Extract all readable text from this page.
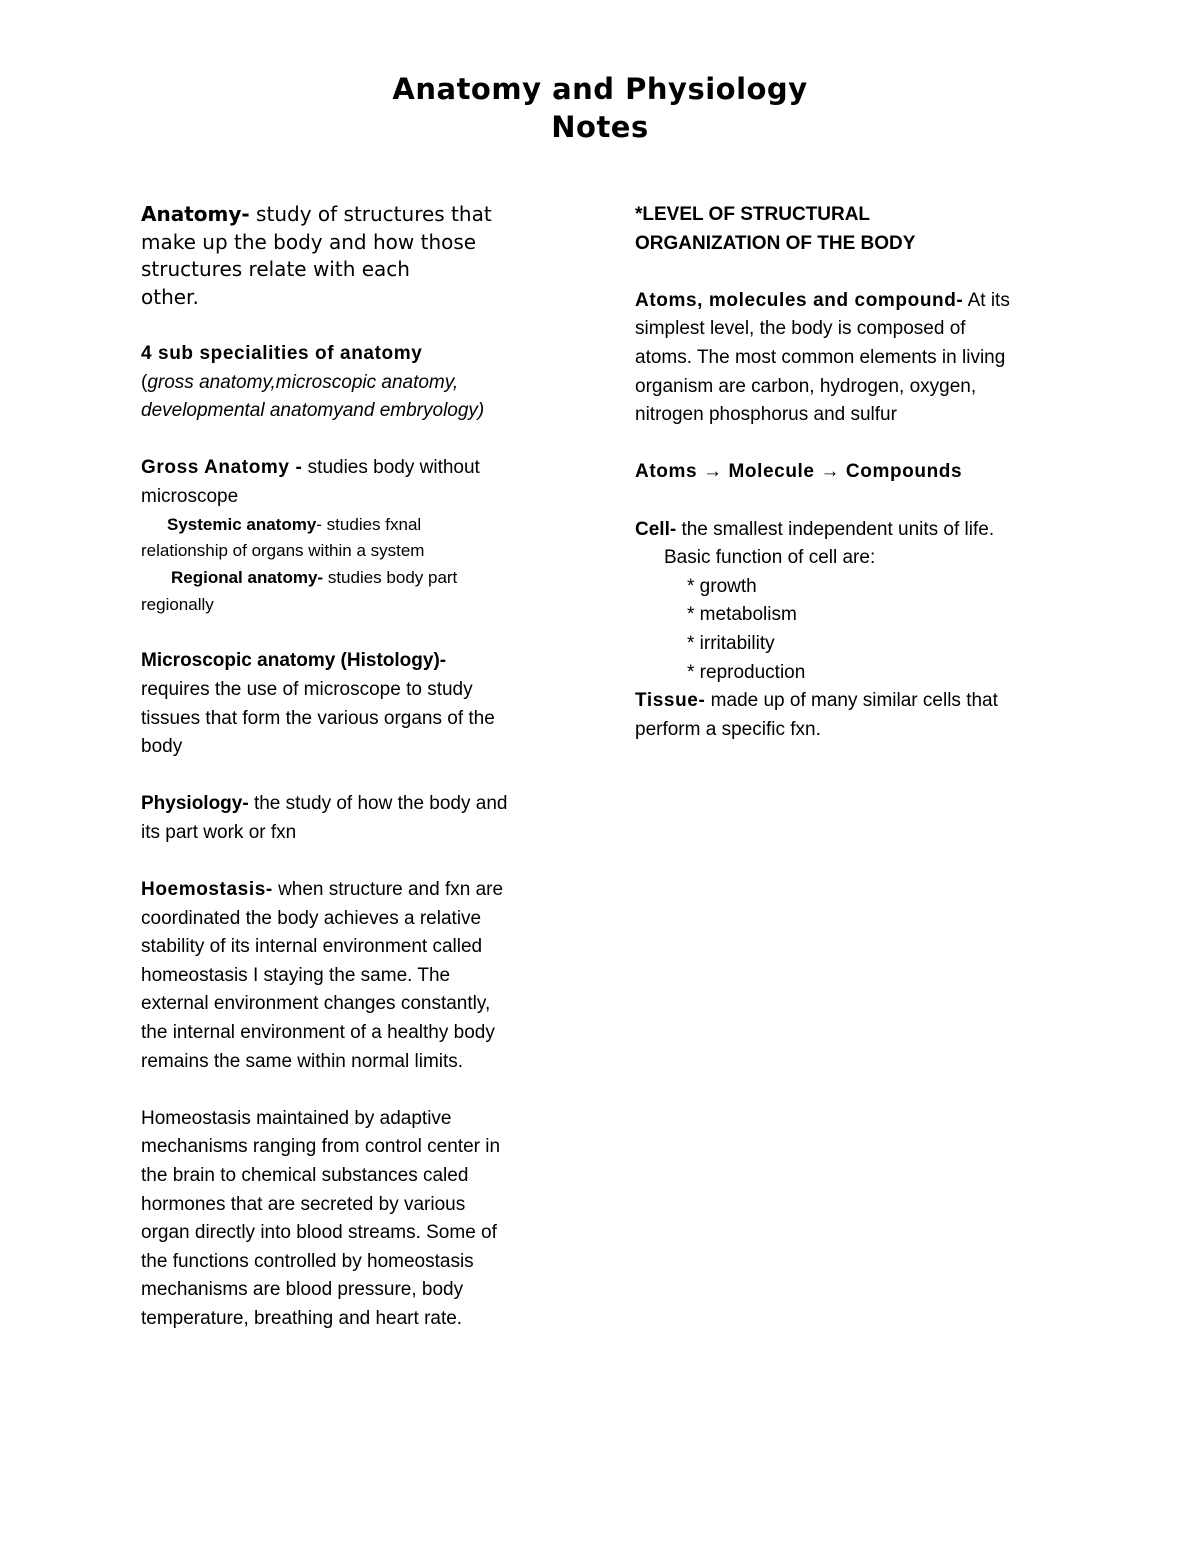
Anatomy and Physiology
Notes
Anatomy- study of structures that
make up the body and how those
structures relate with each
other.
4 sub specialities of anatomy
(gross anatomy,microscopic anatomy,
developmental anatomyand embryology)
Gross Anatomy - studies body without
microscope
Systemic anatomy- studies fxnal
relationship of organs within a system
Regional anatomy- studies body part
regionally
Microscopic anatomy (Histology)-
requires the use of microscope to study
tissues that form the various organs of the
body
Physiology- the study of how the body and
its part work or fxn
Hoemostasis- when structure and fxn are
coordinated the body achieves a relative
stability of its internal environment called
homeostasis I staying the same. The
external environment changes constantly,
the internal environment of a healthy body
remains the same within normal limits.
Homeostasis maintained by adaptive
mechanisms ranging from control center in
the brain to chemical substances caled
hormones that are secreted by various
organ directly into blood streams. Some of
the functions controlled by homeostasis
mechanisms are blood pressure, body
temperature, breathing and heart rate.
*LEVEL OF STRUCTURAL
ORGANIZATION OF THE BODY
Atoms, molecules and compound- At its
simplest level, the body is composed of
atoms. The most common elements in living
organism are carbon, hydrogen, oxygen,
nitrogen phosphorus and sulfur
Atoms → Molecule → Compounds
Cell- the smallest independent units of life.
Basic function of cell are:
* growth
* metabolism
* irritability
* reproduction
Tissue- made up of many similar cells that
perform a specific fxn.
